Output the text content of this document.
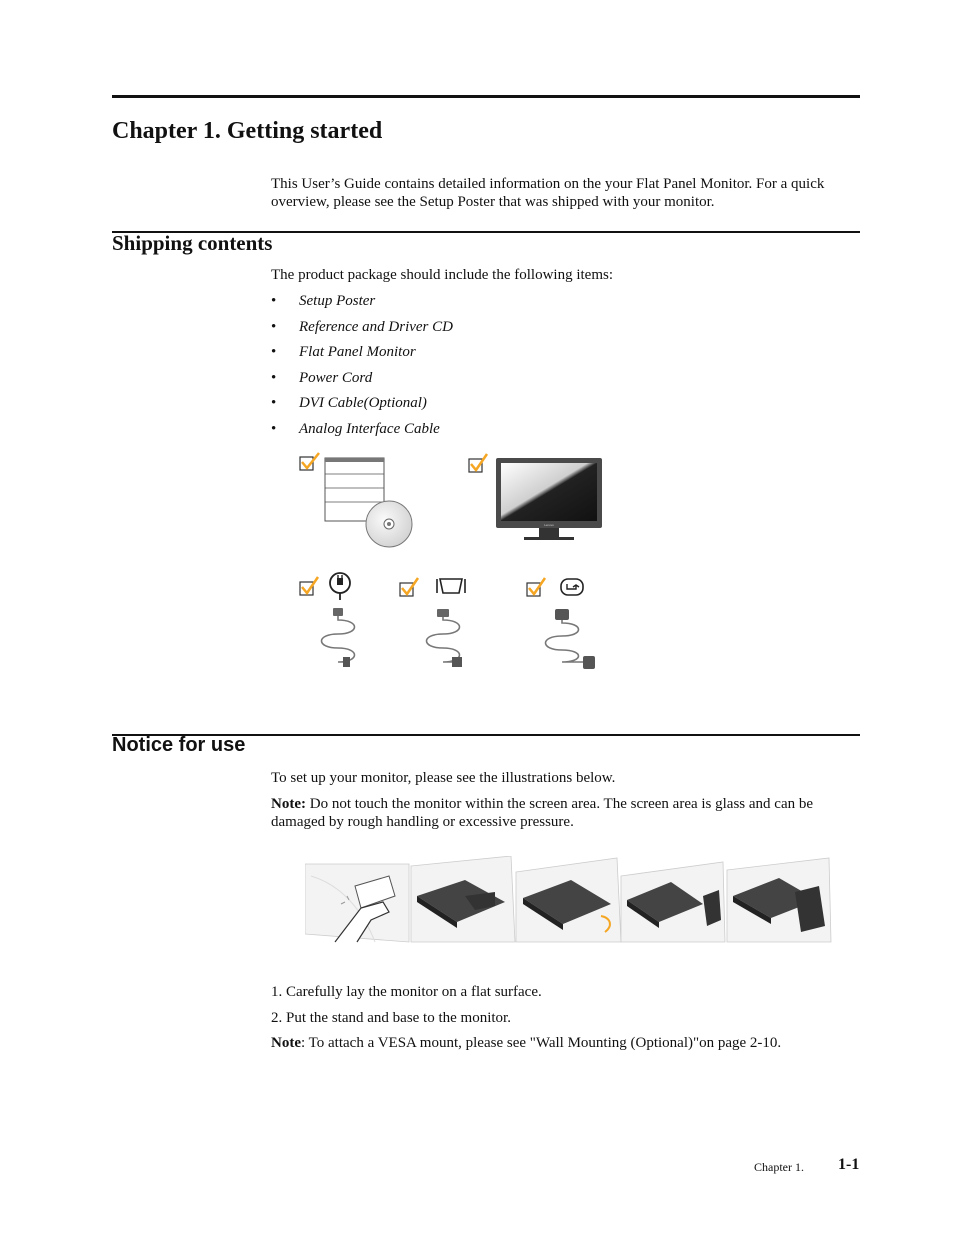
Chapter 1. Getting started

This User’s Guide contains detailed information on the your Flat Panel Monitor. For a quick overview, please see the Setup Poster that was shipped with your monitor.

Shipping contents

The product package should include the following items:

• Setup Poster
• Reference and Driver CD
• Flat Panel Monitor
• Power Cord
• DVI Cable(Optional)
• Analog Interface Cable
Lenovo
Notice for use

To set up your monitor, please see the illustrations below.

Note: Do not touch the monitor within the screen area. The screen area is glass and can be damaged by rough handling or excessive pressure.

1. Carefully lay the monitor on a flat surface.

2. Put the stand and base to the monitor.

Note: To attach a VESA mount, please see "Wall Mounting (Optional)"on page 2-10.

Chapter 1. 1-1
